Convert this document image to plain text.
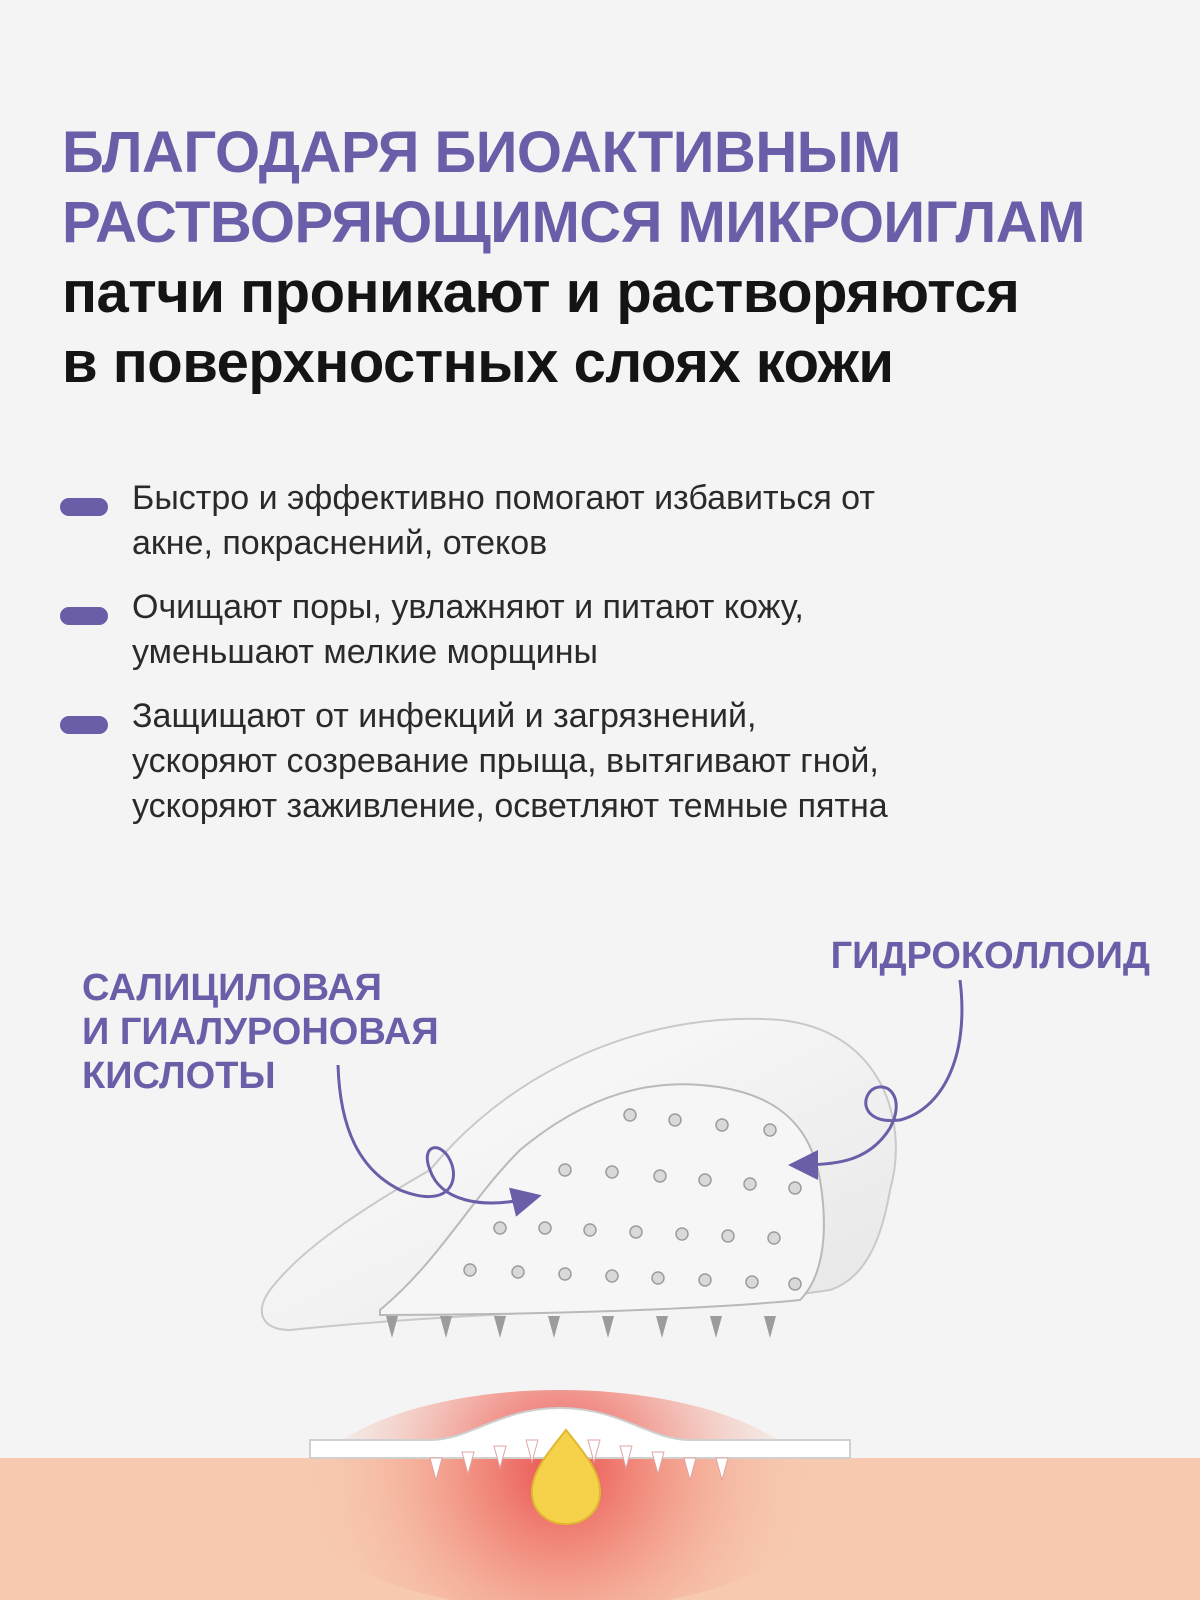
БЛАГОДАРЯ БИОАКТИВНЫМ
РАСТВОРЯЮЩИМСЯ МИКРОИГЛАМ
патчи проникают и растворяются
в поверхностных слоях кожи
Быстро и эффективно помогают избавиться от
акне, покраснений, отеков
Очищают поры, увлажняют и питают кожу,
уменьшают мелкие морщины
Защищают от инфекций и загрязнений,
ускоряют созревание прыща, вытягивают гной,
ускоряют заживление, осветляют темные пятна
САЛИЦИЛОВАЯ
И ГИАЛУРОНОВАЯ
КИСЛОТЫ
ГИДРОКОЛЛОИД
